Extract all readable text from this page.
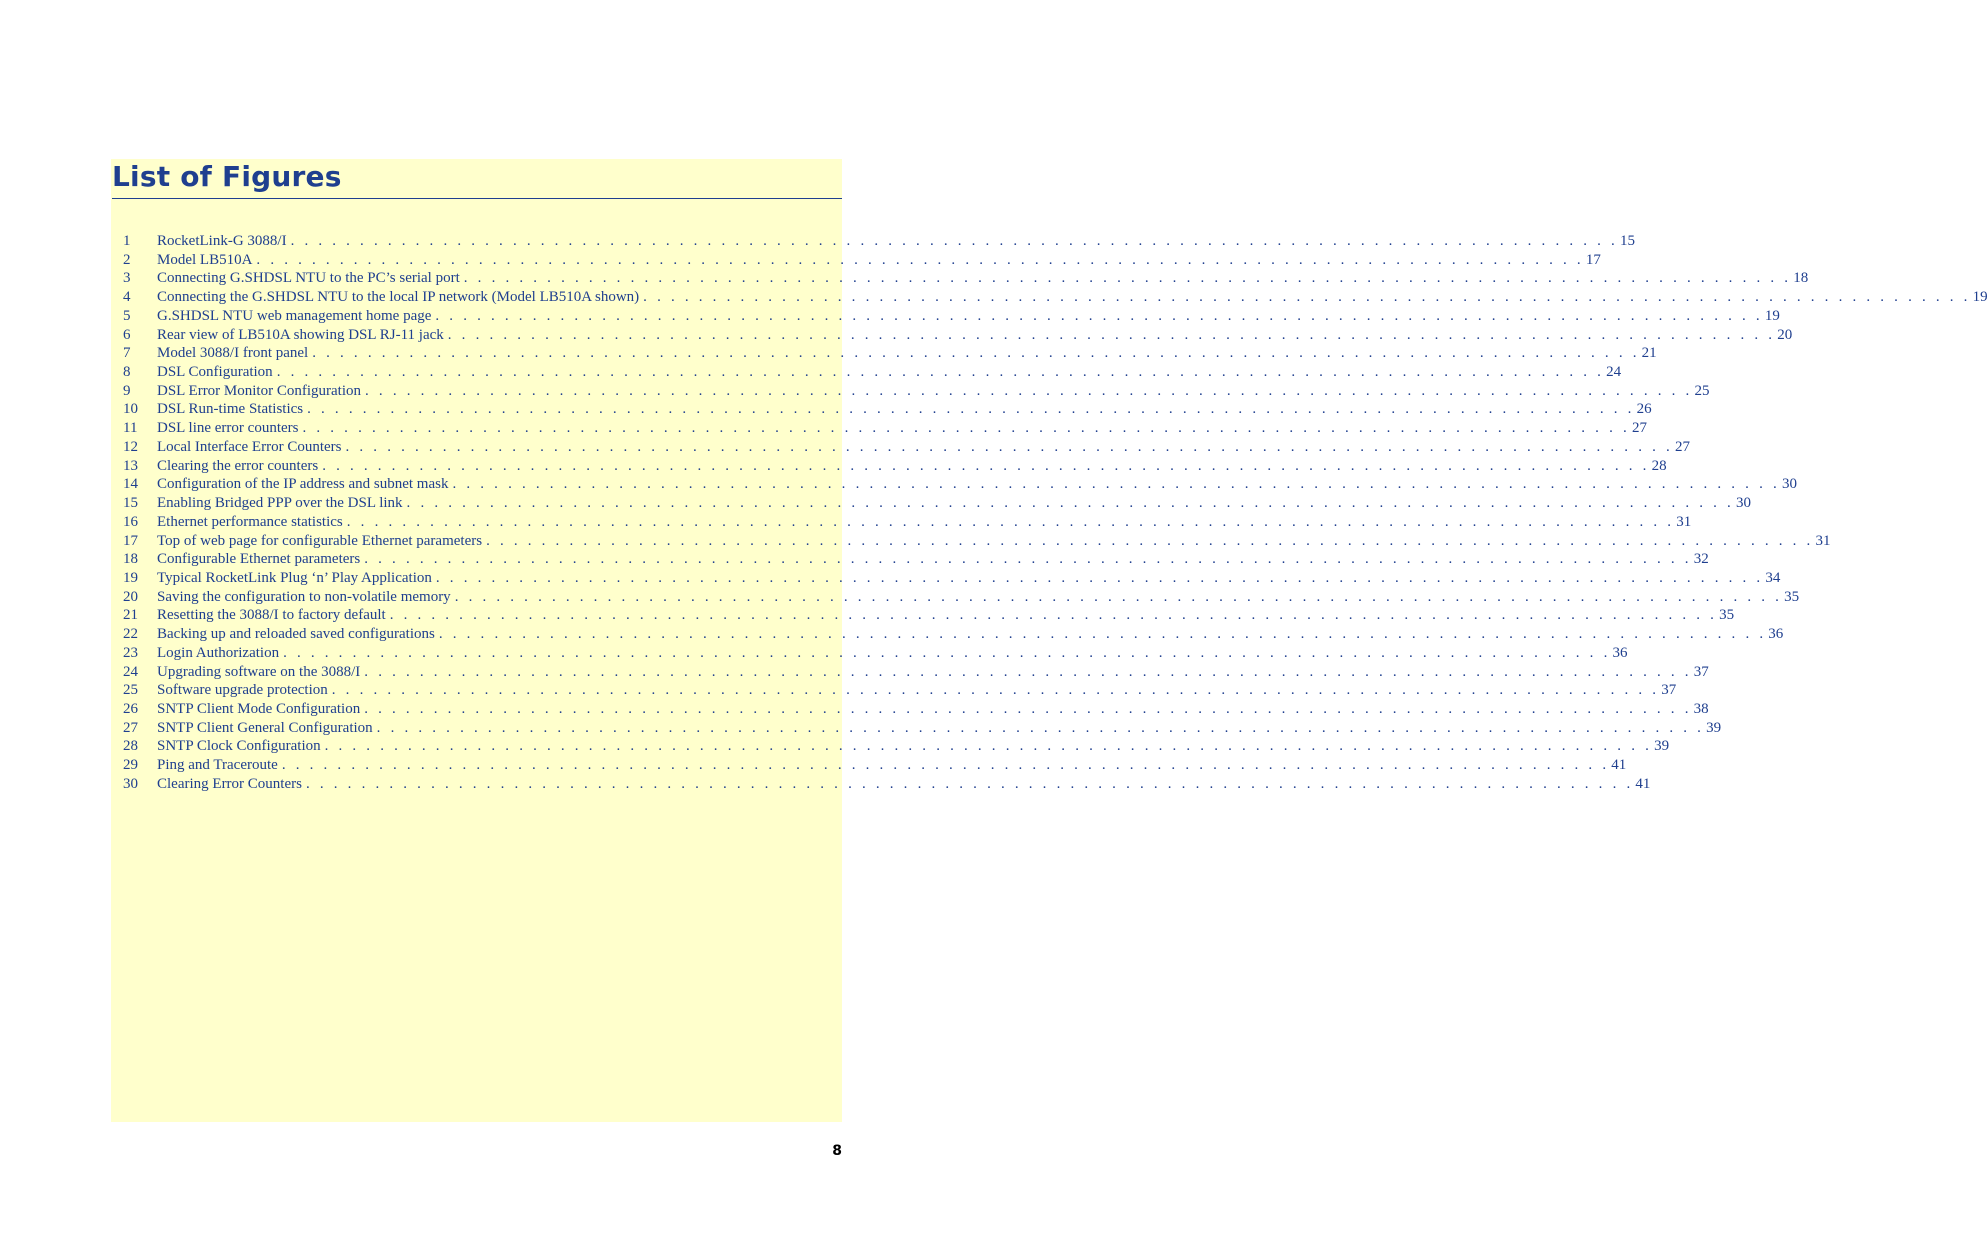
List of Figures
1	RocketLink-G 3088/I . . . . . . . . . . . . . . . . . . . . . . . . . . . . . . . . . . . . . . . . . . . . . . . . . . . . . . . . . . . . . . . . . . . . . . . . . . . . . . . . . . . . . . . . . . . . . . . . 15
2	Model LB510A . . . . . . . . . . . . . . . . . . . . . . . . . . . . . . . . . . . . . . . . . . . . . . . . . . . . . . . . . . . . . . . . . . . . . . . . . . . . . . . . . . . . . . . . . . . . . . . . 17
3	Connecting G.SHDSL NTU to the PC’s serial port . . . . . . . . . . . . . . . . . . . . . . . . . . . . . . . . . . . . . . . . . . . . . . . . . . . . . . . . . . . . . . . . . . . . . . . . . . . . . . . . . . . . . . . . . . . . . . . . 18
4	Connecting the G.SHDSL NTU to the local IP network (Model LB510A shown) . . . . . . . . . . . . . . . . . . . . . . . . . . . . . . . . . . . . . . . . . . . . . . . . . . . . . . . . . . . . . . . . . . . . . . . . . . . . . . . . . . . . . . . . . . . . . . . . 19
5	G.SHDSL NTU web management home page . . . . . . . . . . . . . . . . . . . . . . . . . . . . . . . . . . . . . . . . . . . . . . . . . . . . . . . . . . . . . . . . . . . . . . . . . . . . . . . . . . . . . . . . . . . . . . . . 19
6	Rear view of LB510A showing DSL RJ-11 jack . . . . . . . . . . . . . . . . . . . . . . . . . . . . . . . . . . . . . . . . . . . . . . . . . . . . . . . . . . . . . . . . . . . . . . . . . . . . . . . . . . . . . . . . . . . . . . . . 20
7	Model 3088/I front panel . . . . . . . . . . . . . . . . . . . . . . . . . . . . . . . . . . . . . . . . . . . . . . . . . . . . . . . . . . . . . . . . . . . . . . . . . . . . . . . . . . . . . . . . . . . . . . . . 21
8	DSL Configuration . . . . . . . . . . . . . . . . . . . . . . . . . . . . . . . . . . . . . . . . . . . . . . . . . . . . . . . . . . . . . . . . . . . . . . . . . . . . . . . . . . . . . . . . . . . . . . . . 24
9	DSL Error Monitor Configuration . . . . . . . . . . . . . . . . . . . . . . . . . . . . . . . . . . . . . . . . . . . . . . . . . . . . . . . . . . . . . . . . . . . . . . . . . . . . . . . . . . . . . . . . . . . . . . . . 25
10	DSL Run-time Statistics . . . . . . . . . . . . . . . . . . . . . . . . . . . . . . . . . . . . . . . . . . . . . . . . . . . . . . . . . . . . . . . . . . . . . . . . . . . . . . . . . . . . . . . . . . . . . . . . 26
11	DSL line error counters . . . . . . . . . . . . . . . . . . . . . . . . . . . . . . . . . . . . . . . . . . . . . . . . . . . . . . . . . . . . . . . . . . . . . . . . . . . . . . . . . . . . . . . . . . . . . . . . 27
12	Local Interface Error Counters . . . . . . . . . . . . . . . . . . . . . . . . . . . . . . . . . . . . . . . . . . . . . . . . . . . . . . . . . . . . . . . . . . . . . . . . . . . . . . . . . . . . . . . . . . . . . . . . 27
13	Clearing the error counters . . . . . . . . . . . . . . . . . . . . . . . . . . . . . . . . . . . . . . . . . . . . . . . . . . . . . . . . . . . . . . . . . . . . . . . . . . . . . . . . . . . . . . . . . . . . . . . . 28
14	Configuration of the IP address and subnet mask . . . . . . . . . . . . . . . . . . . . . . . . . . . . . . . . . . . . . . . . . . . . . . . . . . . . . . . . . . . . . . . . . . . . . . . . . . . . . . . . . . . . . . . . . . . . . . . . 30
15	Enabling Bridged PPP over the DSL link . . . . . . . . . . . . . . . . . . . . . . . . . . . . . . . . . . . . . . . . . . . . . . . . . . . . . . . . . . . . . . . . . . . . . . . . . . . . . . . . . . . . . . . . . . . . . . . . 30
16	Ethernet performance statistics . . . . . . . . . . . . . . . . . . . . . . . . . . . . . . . . . . . . . . . . . . . . . . . . . . . . . . . . . . . . . . . . . . . . . . . . . . . . . . . . . . . . . . . . . . . . . . . . 31
17	Top of web page for configurable Ethernet parameters . . . . . . . . . . . . . . . . . . . . . . . . . . . . . . . . . . . . . . . . . . . . . . . . . . . . . . . . . . . . . . . . . . . . . . . . . . . . . . . . . . . . . . . . . . . . . . . . 31
18	Configurable Ethernet parameters . . . . . . . . . . . . . . . . . . . . . . . . . . . . . . . . . . . . . . . . . . . . . . . . . . . . . . . . . . . . . . . . . . . . . . . . . . . . . . . . . . . . . . . . . . . . . . . . 32
19	Typical RocketLink Plug ‘n’ Play Application . . . . . . . . . . . . . . . . . . . . . . . . . . . . . . . . . . . . . . . . . . . . . . . . . . . . . . . . . . . . . . . . . . . . . . . . . . . . . . . . . . . . . . . . . . . . . . . . 34
20	Saving the configuration to non-volatile memory . . . . . . . . . . . . . . . . . . . . . . . . . . . . . . . . . . . . . . . . . . . . . . . . . . . . . . . . . . . . . . . . . . . . . . . . . . . . . . . . . . . . . . . . . . . . . . . . 35
21	Resetting the 3088/I to factory default . . . . . . . . . . . . . . . . . . . . . . . . . . . . . . . . . . . . . . . . . . . . . . . . . . . . . . . . . . . . . . . . . . . . . . . . . . . . . . . . . . . . . . . . . . . . . . . . 35
22	Backing up and reloaded saved configurations . . . . . . . . . . . . . . . . . . . . . . . . . . . . . . . . . . . . . . . . . . . . . . . . . . . . . . . . . . . . . . . . . . . . . . . . . . . . . . . . . . . . . . . . . . . . . . . . 36
23	Login Authorization . . . . . . . . . . . . . . . . . . . . . . . . . . . . . . . . . . . . . . . . . . . . . . . . . . . . . . . . . . . . . . . . . . . . . . . . . . . . . . . . . . . . . . . . . . . . . . . . 36
24	Upgrading software on the 3088/I . . . . . . . . . . . . . . . . . . . . . . . . . . . . . . . . . . . . . . . . . . . . . . . . . . . . . . . . . . . . . . . . . . . . . . . . . . . . . . . . . . . . . . . . . . . . . . . . 37
25	Software upgrade protection . . . . . . . . . . . . . . . . . . . . . . . . . . . . . . . . . . . . . . . . . . . . . . . . . . . . . . . . . . . . . . . . . . . . . . . . . . . . . . . . . . . . . . . . . . . . . . . . 37
26	SNTP Client Mode Configuration . . . . . . . . . . . . . . . . . . . . . . . . . . . . . . . . . . . . . . . . . . . . . . . . . . . . . . . . . . . . . . . . . . . . . . . . . . . . . . . . . . . . . . . . . . . . . . . . 38
27	SNTP Client General Configuration . . . . . . . . . . . . . . . . . . . . . . . . . . . . . . . . . . . . . . . . . . . . . . . . . . . . . . . . . . . . . . . . . . . . . . . . . . . . . . . . . . . . . . . . . . . . . . . . 39
28	SNTP Clock Configuration . . . . . . . . . . . . . . . . . . . . . . . . . . . . . . . . . . . . . . . . . . . . . . . . . . . . . . . . . . . . . . . . . . . . . . . . . . . . . . . . . . . . . . . . . . . . . . . . 39
29	Ping and Traceroute . . . . . . . . . . . . . . . . . . . . . . . . . . . . . . . . . . . . . . . . . . . . . . . . . . . . . . . . . . . . . . . . . . . . . . . . . . . . . . . . . . . . . . . . . . . . . . . . 41
30	Clearing Error Counters . . . . . . . . . . . . . . . . . . . . . . . . . . . . . . . . . . . . . . . . . . . . . . . . . . . . . . . . . . . . . . . . . . . . . . . . . . . . . . . . . . . . . . . . . . . . . . . . 41
8
